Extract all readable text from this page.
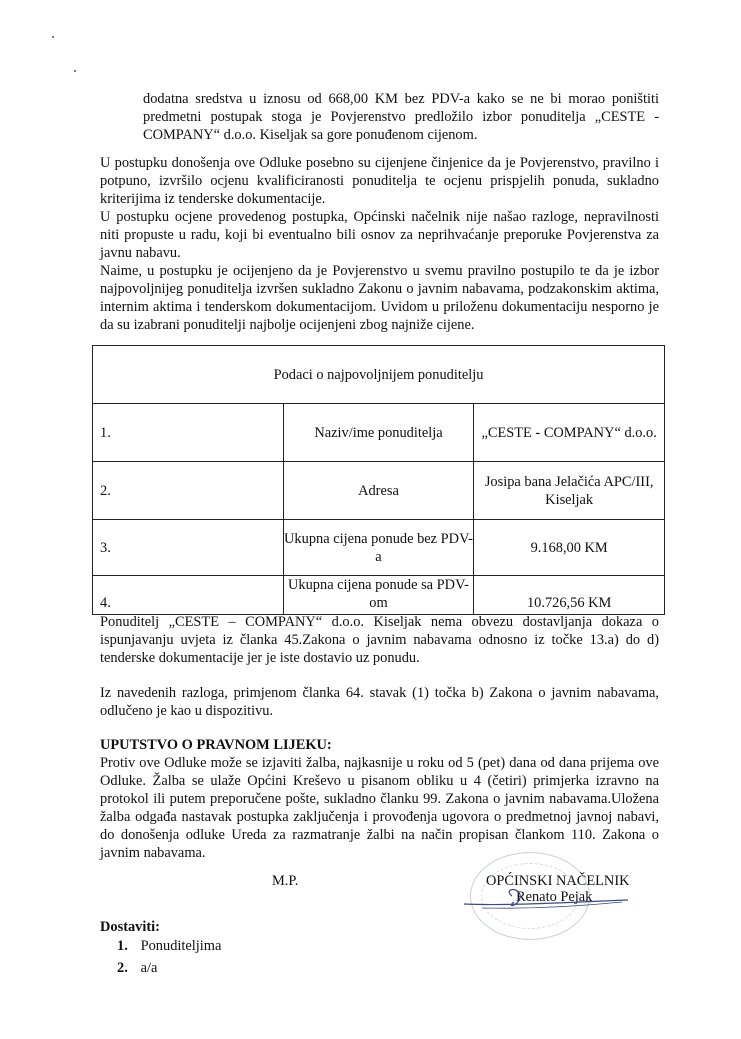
dodatna sredstva u iznosu od 668,00 KM bez PDV-a kako se ne bi morao poništiti predmetni postupak stoga je Povjerenstvo predložilo izbor ponuditelja „CESTE - COMPANY“ d.o.o. Kiseljak sa gore ponuđenom cijenom.

U postupku donošenja ove Odluke posebno su cijenjene činjenice da je Povjerenstvo, pravilno i potpuno, izvršilo ocjenu kvalificiranosti ponuditelja te ocjenu prispjelih ponuda, sukladno kriterijima iz tenderske dokumentacije.

U postupku ocjene provedenog postupka, Općinski načelnik nije našao razloge, nepravilnosti niti propuste u radu, koji bi eventualno bili osnov za neprihvaćanje preporuke Povjerenstva za javnu nabavu.

Naime, u postupku je ocijenjeno da je Povjerenstvo u svemu pravilno postupilo te da je izbor najpovoljnijeg ponuditelja izvršen sukladno Zakonu o javnim nabavama, podzakonskim aktima, internim aktima i tenderskom dokumentacijom. Uvidom u priloženu dokumentaciju nesporno je da su izabrani ponuditelji najbolje ocijenjeni zbog najniže cijene.

Podaci o najpovoljnijem ponuditelju		
1.	Naziv/ime ponuditelja	„CESTE - COMPANY“ d.o.o.
2.	Adresa	Josipa bana Jelačića APC/III, Kiseljak
3.	Ukupna cijena ponude bez PDV-a	9.168,00 KM
4.	Ukupna cijena ponude sa PDV-om	10.726,56 KM

Ponuditelj „CESTE – COMPANY“ d.o.o. Kiseljak nema obvezu dostavljanja dokaza o ispunjavanju uvjeta iz članka 45.Zakona o javnim nabavama odnosno iz točke 13.a) do d) tenderske dokumentacije jer je iste dostavio uz ponudu.

Iz navedenih razloga, primjenom članka 64. stavak (1) točka b) Zakona o javnim nabavama, odlučeno je kao u dispozitivu.

UPUTSTVO O PRAVNOM LIJEKU:

Protiv ove Odluke može se izjaviti žalba, najkasnije u roku od 5 (pet) dana od dana prijema ove Odluke. Žalba se ulaže Općini Kreševo u pisanom obliku u 4 (četiri) primjerka izravno na protokol ili putem preporučene pošte, sukladno članku 99. Zakona o javnim nabavama.Uložena žalba odgađa nastavak postupka zaključenja i provođenja ugovora o predmetnoj javnoj nabavi, do donošenja odluke Ureda za razmatranje žalbi na način propisan člankom 110. Zakona o javnim nabavama.

M.P.	OPĆINSKI NAČELNIK
Renato Pejak
Dostaviti:
1. Ponuditeljima
2. a/a
